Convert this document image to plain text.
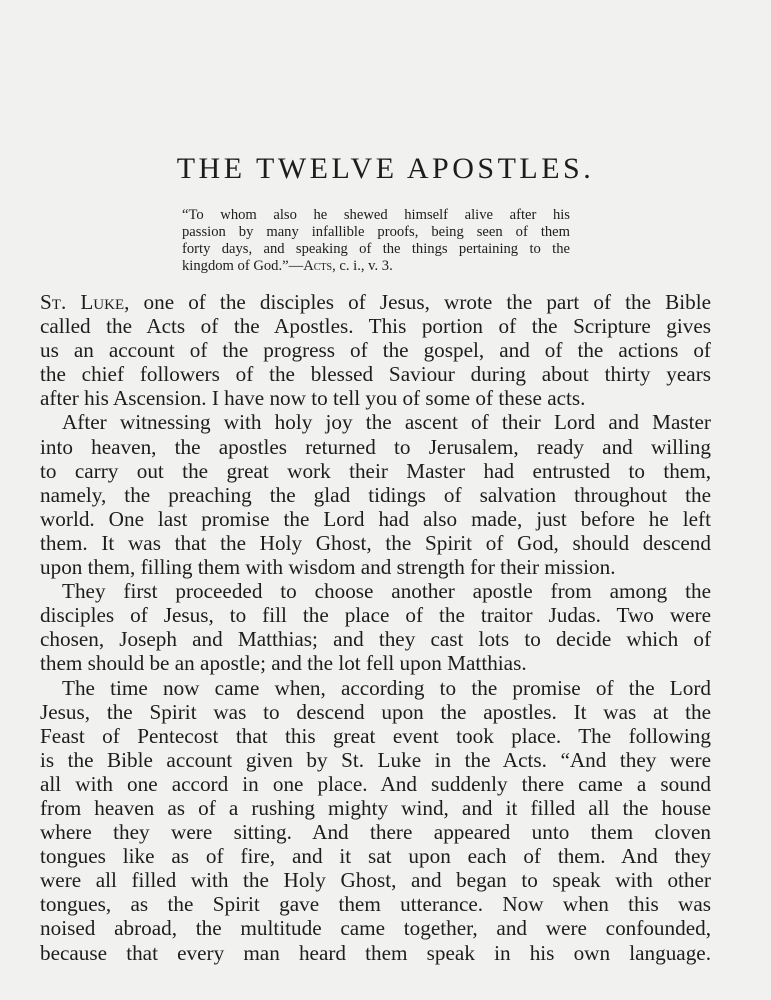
THE TWELVE APOSTLES.
“To whom also he shewed himself alive after his
passion by many infallible proofs, being seen of them
forty days, and speaking of the things pertaining to the
kingdom of God.”—Acts, c. i., v. 3.
St. Luke, one of the disciples of Jesus, wrote the part of the Bible
called the Acts of the Apostles. This portion of the Scripture gives
us an account of the progress of the gospel, and of the actions of
the chief followers of the blessed Saviour during about thirty years
after his Ascension. I have now to tell you of some of these acts.
After witnessing with holy joy the ascent of their Lord and Master
into heaven, the apostles returned to Jerusalem, ready and willing
to carry out the great work their Master had entrusted to them,
namely, the preaching the glad tidings of salvation throughout the
world. One last promise the Lord had also made, just before he left
them. It was that the Holy Ghost, the Spirit of God, should descend
upon them, filling them with wisdom and strength for their mission.
They first proceeded to choose another apostle from among the
disciples of Jesus, to fill the place of the traitor Judas. Two were
chosen, Joseph and Matthias; and they cast lots to decide which of
them should be an apostle; and the lot fell upon Matthias.
The time now came when, according to the promise of the Lord
Jesus, the Spirit was to descend upon the apostles. It was at the
Feast of Pentecost that this great event took place. The following
is the Bible account given by St. Luke in the Acts. “And they were
all with one accord in one place. And suddenly there came a sound
from heaven as of a rushing mighty wind, and it filled all the house
where they were sitting. And there appeared unto them cloven
tongues like as of fire, and it sat upon each of them. And they
were all filled with the Holy Ghost, and began to speak with other
tongues, as the Spirit gave them utterance. Now when this was
noised abroad, the multitude came together, and were confounded,
because that every man heard them speak in his own language.
